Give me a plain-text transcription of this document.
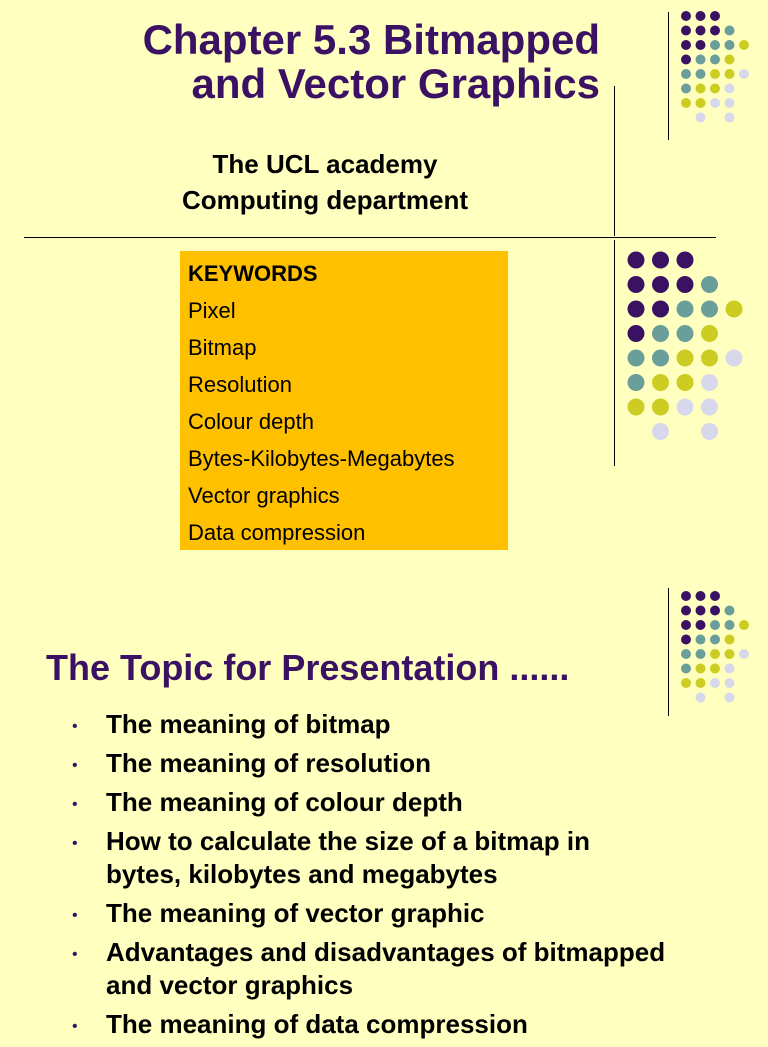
Chapter 5.3 Bitmapped
and Vector Graphics
The UCL academy
Computing department
KEYWORDS
Pixel
Bitmap
Resolution
Colour depth
Bytes-Kilobytes-Megabytes
Vector graphics
Data compression
The Topic for Presentation ......
• The meaning of bitmap
• The meaning of resolution
• The meaning of colour depth
• How to calculate the size of a bitmap in bytes, kilobytes and megabytes
• The meaning of vector graphic
• Advantages and disadvantages of bitmapped and vector graphics
• The meaning of data compression
